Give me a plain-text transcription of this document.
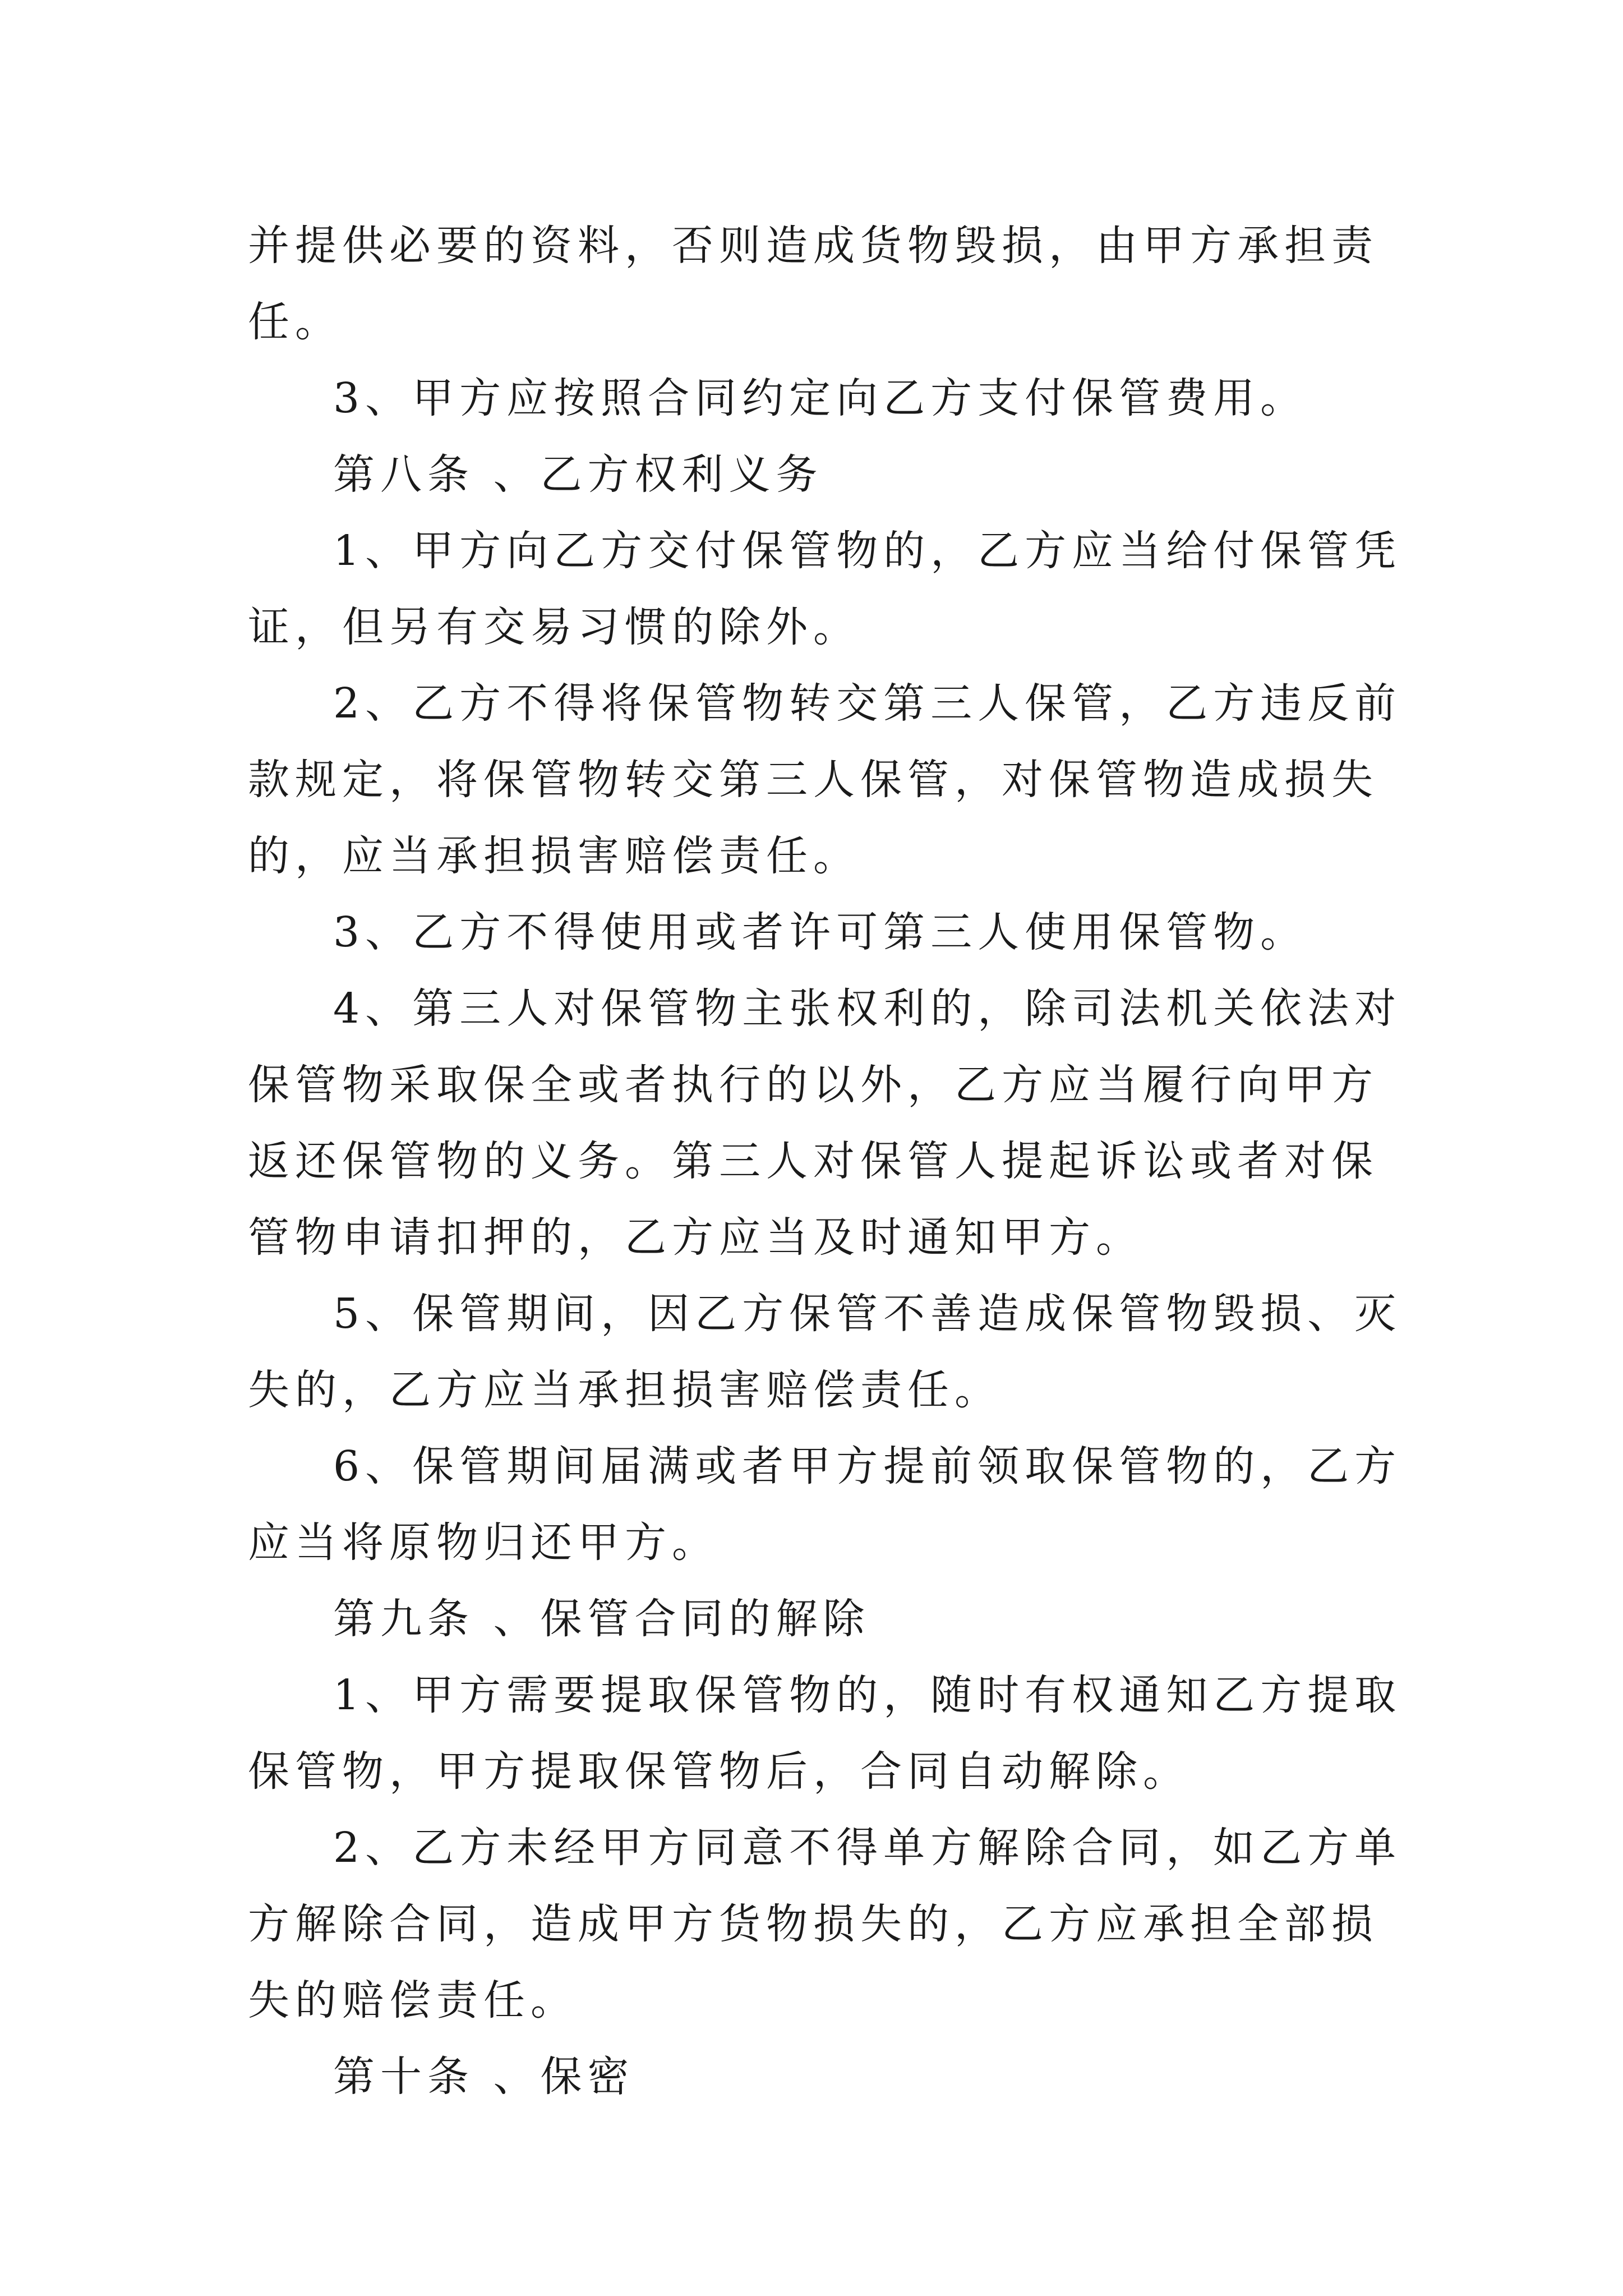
并提供必要的资料，否则造成货物毁损，由甲方承担责任。

3、甲方应按照合同约定向乙方支付保管费用。

第八条 、乙方权利义务

1、甲方向乙方交付保管物的，乙方应当给付保管凭证，但另有交易习惯的除外。

2、乙方不得将保管物转交第三人保管，乙方违反前款规定，将保管物转交第三人保管，对保管物造成损失的，应当承担损害赔偿责任。

3、乙方不得使用或者许可第三人使用保管物。

4、第三人对保管物主张权利的，除司法机关依法对保管物采取保全或者执行的以外，乙方应当履行向甲方返还保管物的义务。第三人对保管人提起诉讼或者对保管物申请扣押的，乙方应当及时通知甲方。

5、保管期间，因乙方保管不善造成保管物毁损、灭失的，乙方应当承担损害赔偿责任。

6、保管期间届满或者甲方提前领取保管物的，乙方应当将原物归还甲方。

第九条 、保管合同的解除

1、甲方需要提取保管物的，随时有权通知乙方提取保管物，甲方提取保管物后，合同自动解除。

2、乙方未经甲方同意不得单方解除合同，如乙方单方解除合同，造成甲方货物损失的，乙方应承担全部损失的赔偿责任。

第十条 、保密
